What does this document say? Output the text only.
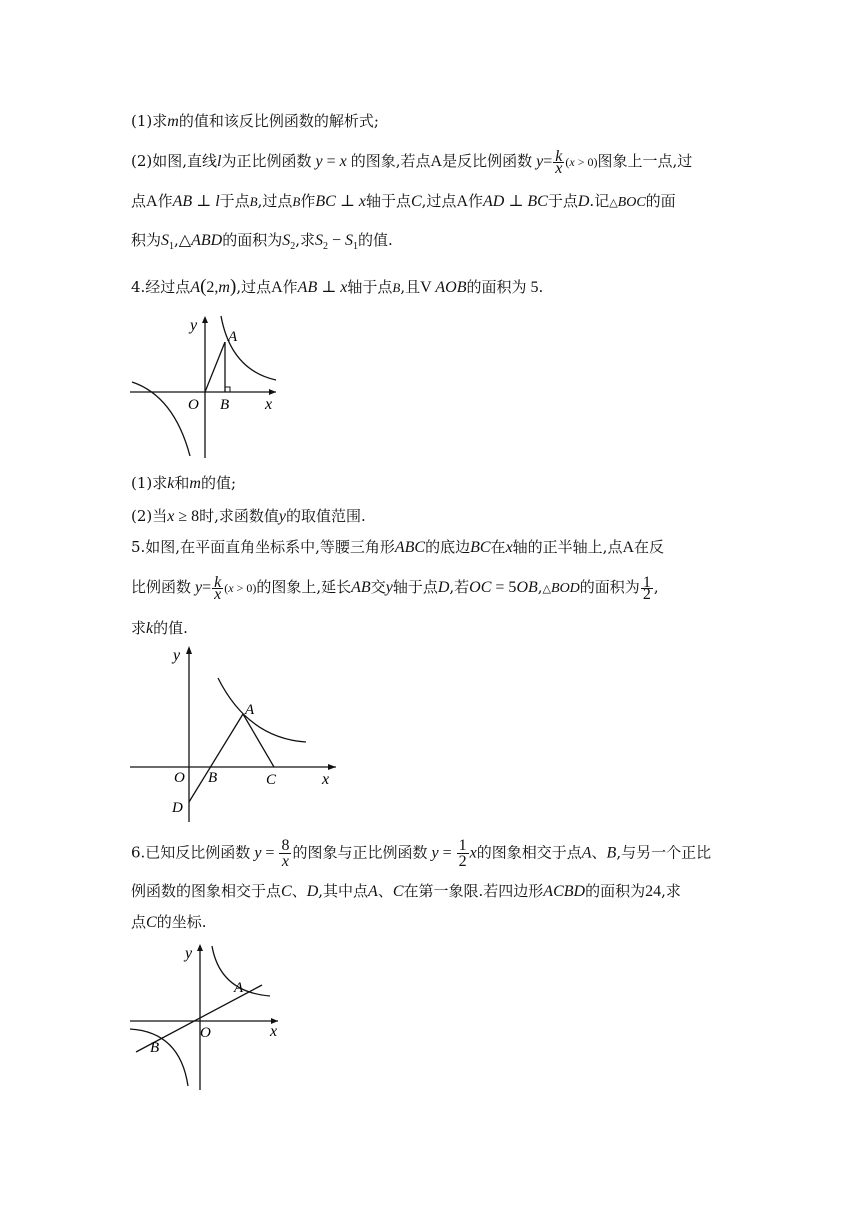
(1)求m的值和该反比例函数的解析式;
(2)如图,直线l为正比例函数 y = x 的图象,若点A是反比例函数 $y= \frac{k}{x} (x > 0)$图象上一点,过
点A作AB ⊥ l于点B,过点B作BC ⊥ x轴于点C,过点A作AD ⊥ BC于点D.记△BOC的面
积为$S_1,\triangle ABD$的面积为$S_2$,求$S_2 - S_1$的值.
4.经过点A(2,m),过点A作AB ⊥ x轴于点B,且V AOB的面积为 5.
y
A
O B x
(1)求k和m的值;
(2)当x ≥ 8时,求函数值y的取值范围.
5.如图,在平面直角坐标系中,等腰三角形ABC的底边BC在x轴的正半轴上,点A在反
比例函数 $y= \frac{k}{x} (x > 0)$的图象上,延长AB交y轴于点D,若OC = 5OB,△BOD的面积为 $\frac{1}{2}$ ,
求k的值.
y
A
O B	C	x
D
6.已知反比例函数 $y = \frac{8}{x}$ 的图象与正比例函数 $y = \frac{1}{2}$ x的图象相交于点A、B,与另一个正比
例函数的图象相交于点C、D,其中点A、C在第一象限.若四边形ACBD的面积为24,求
点C的坐标.
y
A
O	x
B
